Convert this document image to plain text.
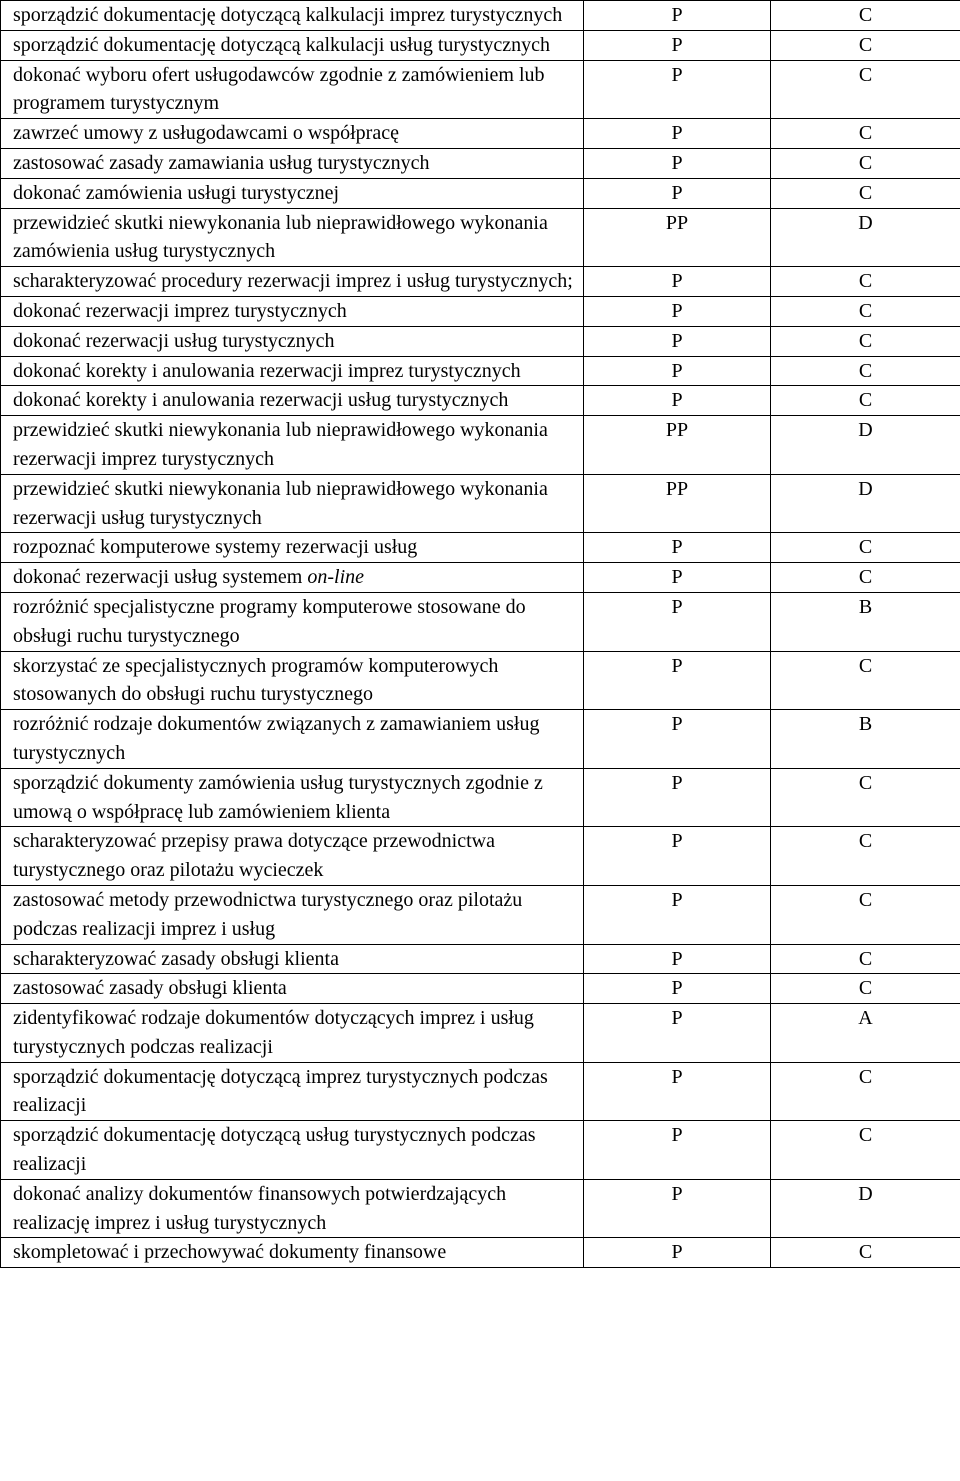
sporządzić dokumentację dotyczącą kalkulacji imprez turystycznych	P	C
sporządzić dokumentację dotyczącą kalkulacji usług turystycznych	P	C
dokonać wyboru ofert usługodawców zgodnie z zamówieniem lub programem turystycznym	P	C
zawrzeć umowy z usługodawcami o współpracę	P	C
zastosować zasady zamawiania usług turystycznych	P	C
dokonać zamówienia usługi turystycznej	P	C
przewidzieć skutki niewykonania lub nieprawidłowego wykonania zamówienia usług turystycznych	PP	D
scharakteryzować procedury rezerwacji imprez i usług turystycznych;	P	C
dokonać rezerwacji imprez turystycznych	P	C
dokonać rezerwacji usług turystycznych	P	C
dokonać korekty i anulowania rezerwacji imprez turystycznych	P	C
dokonać korekty i anulowania rezerwacji usług turystycznych	P	C
przewidzieć skutki niewykonania lub nieprawidłowego wykonania rezerwacji imprez turystycznych	PP	D
przewidzieć skutki niewykonania lub nieprawidłowego wykonania rezerwacji usług turystycznych	PP	D
rozpoznać komputerowe systemy rezerwacji usług	P	C
dokonać rezerwacji usług systemem on-line	P	C
rozróżnić specjalistyczne programy komputerowe stosowane do obsługi ruchu turystycznego	P	B
skorzystać ze specjalistycznych programów komputerowych stosowanych do obsługi ruchu turystycznego	P	C
rozróżnić rodzaje dokumentów związanych z zamawianiem usług turystycznych	P	B
sporządzić dokumenty zamówienia usług turystycznych zgodnie z umową o współpracę lub zamówieniem klienta	P	C
scharakteryzować przepisy prawa dotyczące przewodnictwa turystycznego oraz pilotażu wycieczek	P	C
zastosować metody przewodnictwa turystycznego oraz pilotażu podczas realizacji imprez i usług	P	C
scharakteryzować zasady obsługi klienta	P	C
zastosować zasady obsługi klienta	P	C
zidentyfikować rodzaje dokumentów dotyczących imprez i usług turystycznych podczas realizacji	P	A
sporządzić dokumentację dotyczącą imprez turystycznych podczas realizacji	P	C
sporządzić dokumentację dotyczącą usług turystycznych podczas realizacji	P	C
dokonać analizy dokumentów finansowych potwierdzających realizację imprez i usług turystycznych	P	D
skompletować i przechowywać dokumenty finansowe	P	C
